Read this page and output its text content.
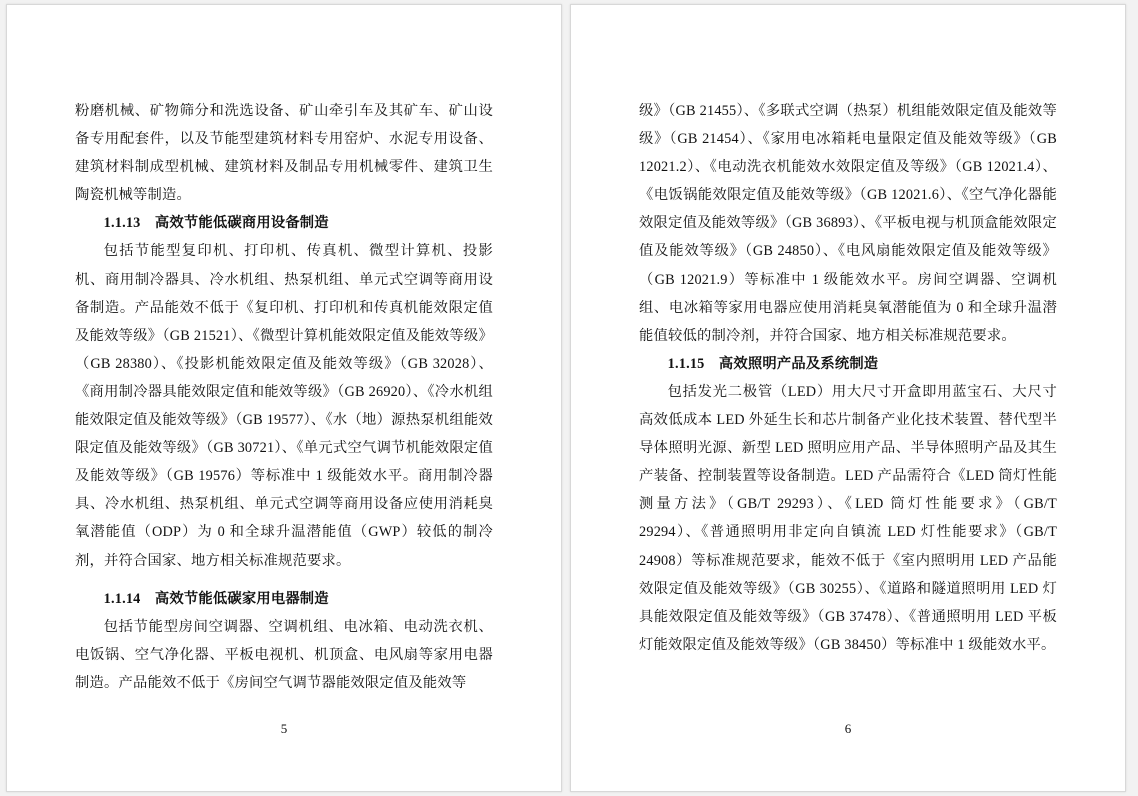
粉磨机械、矿物筛分和洗选设备、矿山牵引车及其矿车、矿山设备专用配套件，以及节能型建筑材料专用窑炉、水泥专用设备、建筑材料制成型机械、建筑材料及制品专用机械零件、建筑卫生陶瓷机械等制造。

1.1.13 高效节能低碳商用设备制造

包括节能型复印机、打印机、传真机、微型计算机、投影机、商用制冷器具、冷水机组、热泵机组、单元式空调等商用设备制造。产品能效不低于《复印机、打印机和传真机能效限定值及能效等级》（GB 21521）、《微型计算机能效限定值及能效等级》（GB 28380）、《投影机能效限定值及能效等级》（GB 32028）、《商用制冷器具能效限定值和能效等级》（GB 26920）、《冷水机组能效限定值及能效等级》（GB 19577）、《水（地）源热泵机组能效限定值及能效等级》（GB 30721）、《单元式空气调节机能效限定值及能效等级》（GB 19576）等标准中 1 级能效水平。商用制冷器具、冷水机组、热泵机组、单元式空调等商用设备应使用消耗臭氧潜能值（ODP）为 0 和全球升温潜能值（GWP）较低的制冷剂，并符合国家、地方相关标准规范要求。

1.1.14 高效节能低碳家用电器制造

包括节能型房间空调器、空调机组、电冰箱、电动洗衣机、电饭锅、空气净化器、平板电视机、机顶盒、电风扇等家用电器制造。产品能效不低于《房间空气调节器能效限定值及能效等

5

级》（GB 21455）、《多联式空调（热泵）机组能效限定值及能效等级》（GB 21454）、《家用电冰箱耗电量限定值及能效等级》（GB 12021.2）、《电动洗衣机能效水效限定值及等级》（GB 12021.4）、《电饭锅能效限定值及能效等级》（GB 12021.6）、《空气净化器能效限定值及能效等级》（GB 36893）、《平板电视与机顶盒能效限定值及能效等级》（GB 24850）、《电风扇能效限定值及能效等级》（GB 12021.9）等标准中 1 级能效水平。房间空调器、空调机组、电冰箱等家用电器应使用消耗臭氧潜能值为 0 和全球升温潜能值较低的制冷剂，并符合国家、地方相关标准规范要求。

1.1.15 高效照明产品及系统制造

包括发光二极管（LED）用大尺寸开盒即用蓝宝石、大尺寸高效低成本 LED 外延生长和芯片制备产业化技术装置、替代型半导体照明光源、新型 LED 照明应用产品、半导体照明产品及其生产装备、控制装置等设备制造。LED 产品需符合《LED 筒灯性能测量方法》（GB/T 29293）、《LED 筒灯性能要求》（GB/T 29294）、《普通照明用非定向自镇流 LED 灯性能要求》（GB/T 24908）等标准规范要求，能效不低于《室内照明用 LED 产品能效限定值及能效等级》（GB 30255）、《道路和隧道照明用 LED 灯具能效限定值及能效等级》（GB 37478）、《普通照明用 LED 平板灯能效限定值及能效等级》（GB 38450）等标准中 1 级能效水平。

6
